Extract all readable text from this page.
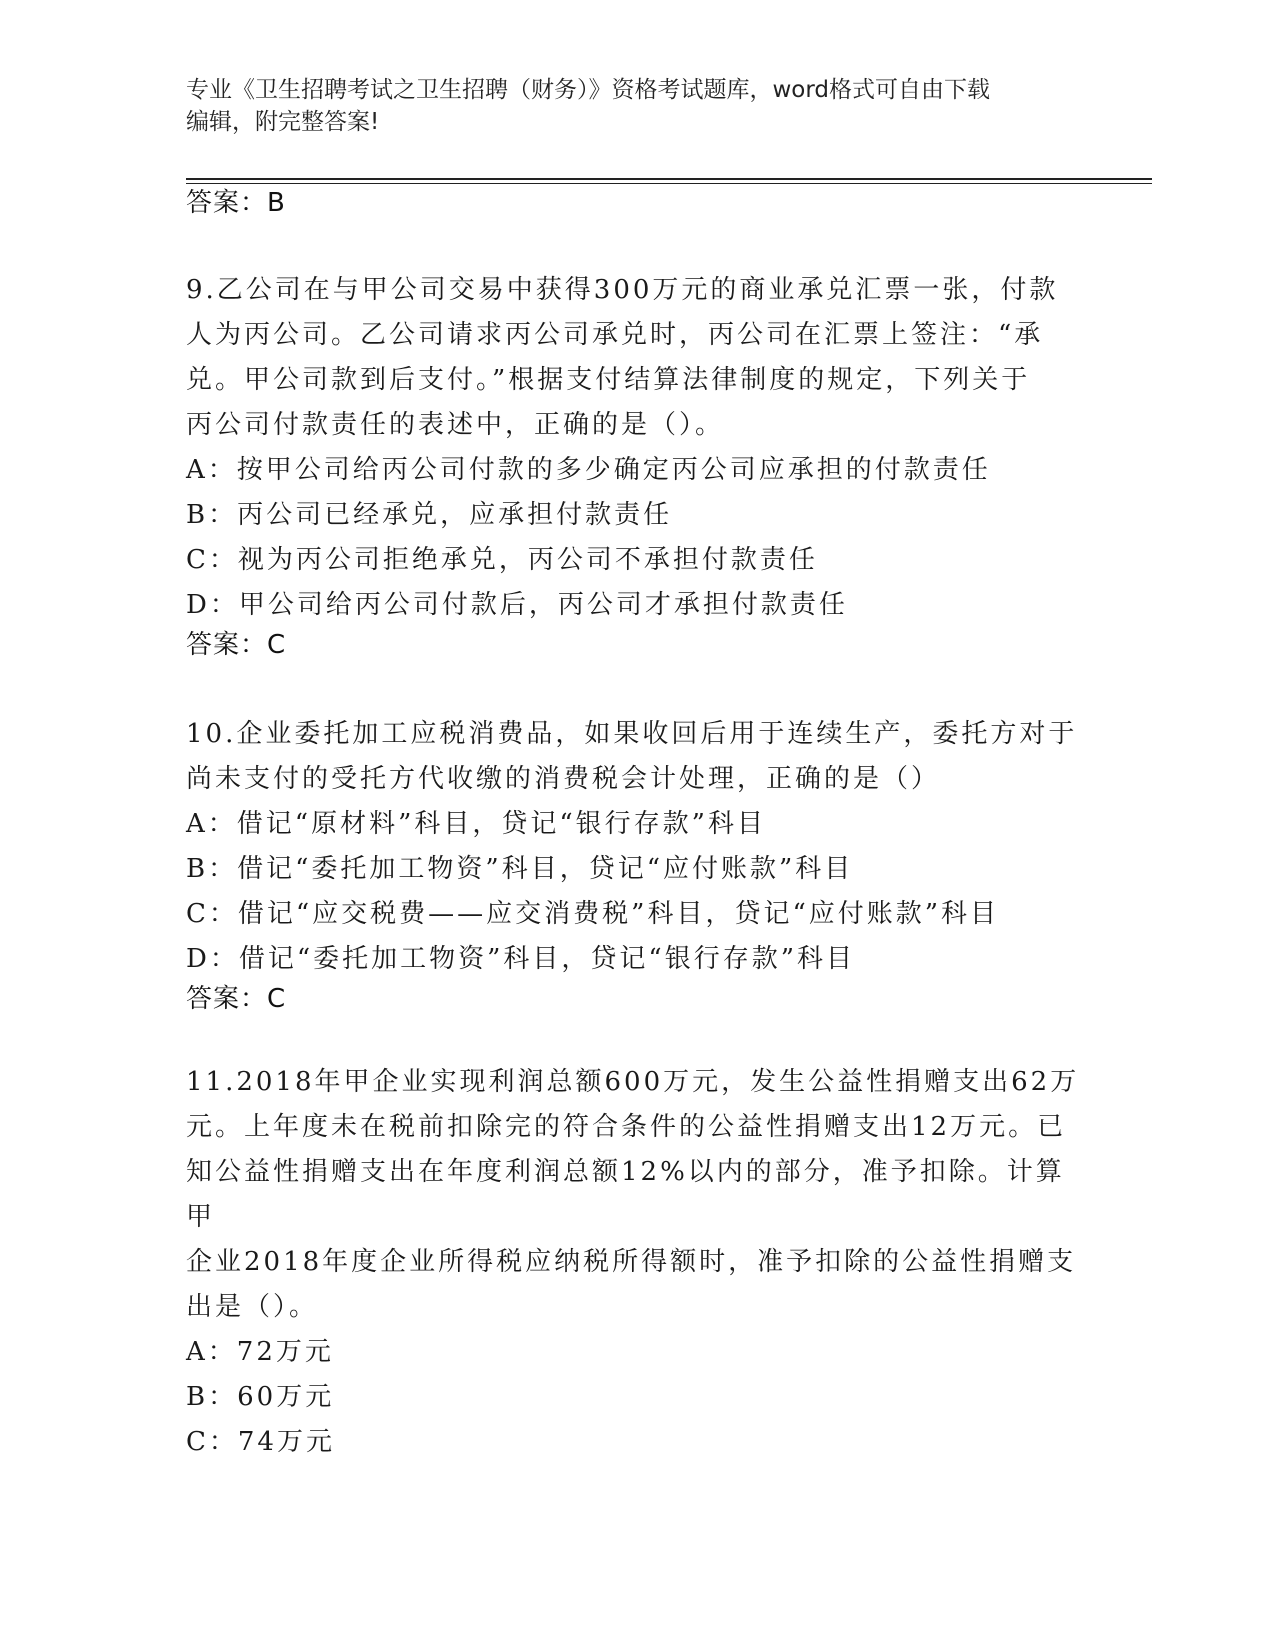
专业《卫生招聘考试之卫生招聘（财务）》资格考试题库，word格式可自由下载
编辑，附完整答案!
答案：B

9.乙公司在与甲公司交易中获得300万元的商业承兑汇票一张，付款

人为丙公司。乙公司请求丙公司承兑时，丙公司在汇票上签注：“承

兑。甲公司款到后支付。”根据支付结算法律制度的规定，下列关于

丙公司付款责任的表述中，正确的是（）。

A：按甲公司给丙公司付款的多少确定丙公司应承担的付款责任

B：丙公司已经承兑，应承担付款责任

C：视为丙公司拒绝承兑，丙公司不承担付款责任

D：甲公司给丙公司付款后，丙公司才承担付款责任

答案：C

10.企业委托加工应税消费品，如果收回后用于连续生产，委托方对于

尚未支付的受托方代收缴的消费税会计处理，正确的是（）

A：借记“原材料”科目，贷记“银行存款”科目

B：借记“委托加工物资”科目，贷记“应付账款”科目

C：借记“应交税费——应交消费税”科目，贷记“应付账款”科目

D：借记“委托加工物资”科目，贷记“银行存款”科目

答案：C

11.2018年甲企业实现利润总额600万元，发生公益性捐赠支出62万

元。上年度未在税前扣除完的符合条件的公益性捐赠支出12万元。已

知公益性捐赠支出在年度利润总额12%以内的部分，准予扣除。计算甲

企业2018年度企业所得税应纳税所得额时，准予扣除的公益性捐赠支

出是（）。

A：72万元

B：60万元

C：74万元
